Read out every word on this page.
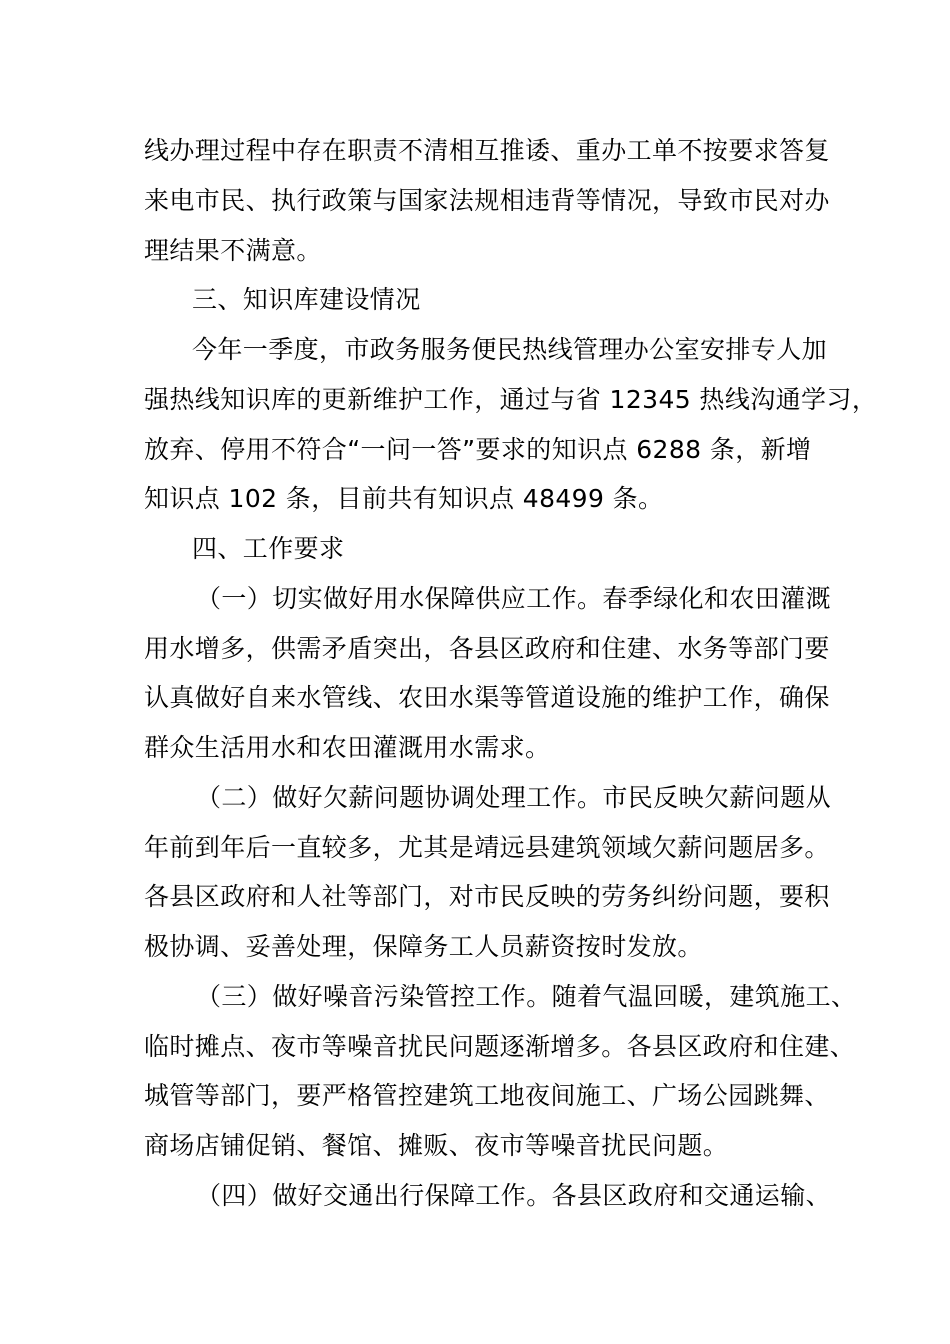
线办理过程中存在职责不清相互推诿、重办工单不按要求答复
来电市民、执行政策与国家法规相违背等情况，导致市民对办
理结果不满意。
三、知识库建设情况
今年一季度，市政务服务便民热线管理办公室安排专人加
强热线知识库的更新维护工作，通过与省 12345 热线沟通学习，
放弃、停用不符合“一问一答”要求的知识点 6288 条，新增
知识点 102 条，目前共有知识点 48499 条。
四、工作要求
（一）切实做好用水保障供应工作。春季绿化和农田灌溉
用水增多，供需矛盾突出，各县区政府和住建、水务等部门要
认真做好自来水管线、农田水渠等管道设施的维护工作，确保
群众生活用水和农田灌溉用水需求。
（二）做好欠薪问题协调处理工作。市民反映欠薪问题从
年前到年后一直较多，尤其是靖远县建筑领域欠薪问题居多。
各县区政府和人社等部门，对市民反映的劳务纠纷问题，要积
极协调、妥善处理，保障务工人员薪资按时发放。
（三）做好噪音污染管控工作。随着气温回暖，建筑施工、
临时摊点、夜市等噪音扰民问题逐渐增多。各县区政府和住建、
城管等部门，要严格管控建筑工地夜间施工、广场公园跳舞、
商场店铺促销、餐馆、摊贩、夜市等噪音扰民问题。
（四）做好交通出行保障工作。各县区政府和交通运输、
